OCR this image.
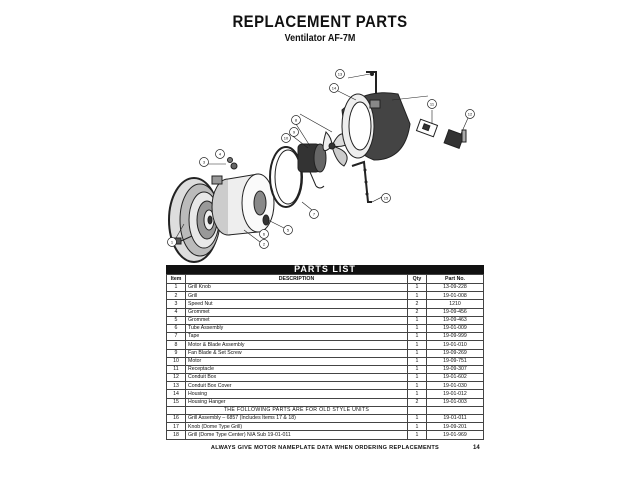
REPLACEMENT PARTS
Ventilator AF-7M
1	2
3
4
5
6
7
8
9
10
11
12
13
14
15
PARTS LIST
Item	DESCRIPTION	Qty	Part No.
1	Grill Knob	1	13-09-228
2	Grill	1	19-01-008
3	Speed Nut	2	1210
4	Grommet	2	19-09-456
5	Grommet	1	19-09-463
6	Tube Assembly	1	19-01-009
7	Tape	1	19-09-999
8	Motor & Blade Assembly	1	19-01-010
9	Fan Blade & Set Screw	1	19-09-269
10	Motor	1	19-09-751
11	Receptacle	1	19-09-307
12	Conduit Box	1	19-01-602
13	Conduit Box Cover	1	19-01-030
14	Housing	1	19-01-012
15	Housing Hanger	2	19-01-003
	THE FOLLOWING PARTS ARE FOR OLD STYLE UNITS		
16	Grill Assembly – 6857 (Includes Items 17 & 18)	1	19-01-011
17	Knob (Dome Type Grill)	1	19-09-201
18	Grill (Dome Type Center) N/A Sub 19-01-011	1	19-01-969
ALWAYS GIVE MOTOR NAMEPLATE DATA WHEN ORDERING REPLACEMENTS	14
